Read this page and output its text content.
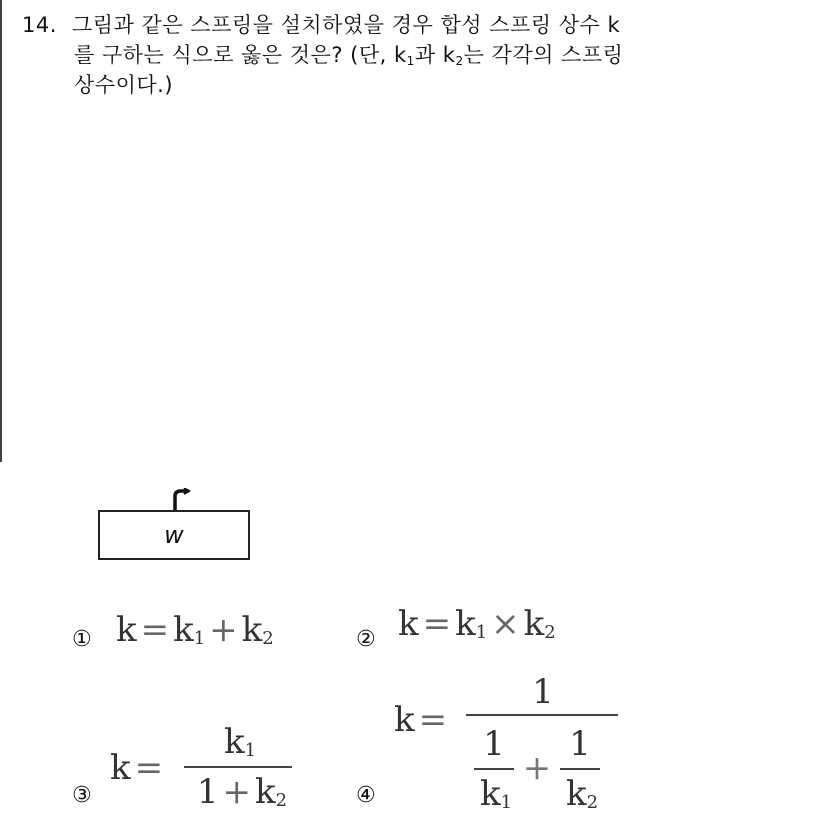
14. 그림과 같은 스프링을 설치하였을 경우 합성 스프링 상수 k
를 구하는 식으로 옳은 것은? (단, $k_1$과 $k_2$는 각각의 스프링
상수이다.)
w
① $k = k_1 + k_2$	② $k = k_1 \times k_2$
③
k =
$k_1$
$1 + k_2$	④
k =
1
1
$k_1$
+
1
$k_2$
